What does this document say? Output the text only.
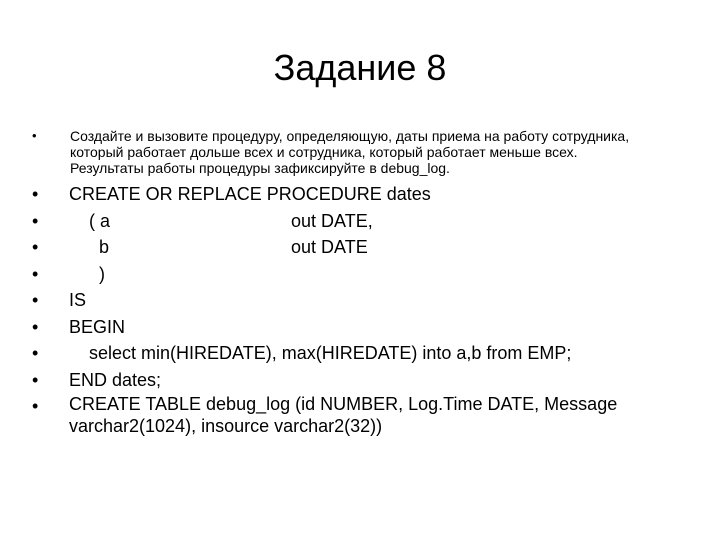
Задание 8
•	Создайте и вызовите процедуру, определяющую, даты приема на работу сотрудника, который работает дольше всех и сотрудника, который работает меньше всех. Результаты работы процедуры зафиксируйте в debug_log.
•	CREATE OR REPLACE PROCEDURE dates
•	( a	out DATE,
•	b	out DATE
•	)
•	IS
•	BEGIN
•	select min(HIREDATE), max(HIREDATE) into a,b from EMP;
•	END dates;
•	CREATE TABLE debug_log (id NUMBER, Log.Time DATE, Message varchar2(1024), insource varchar2(32))
